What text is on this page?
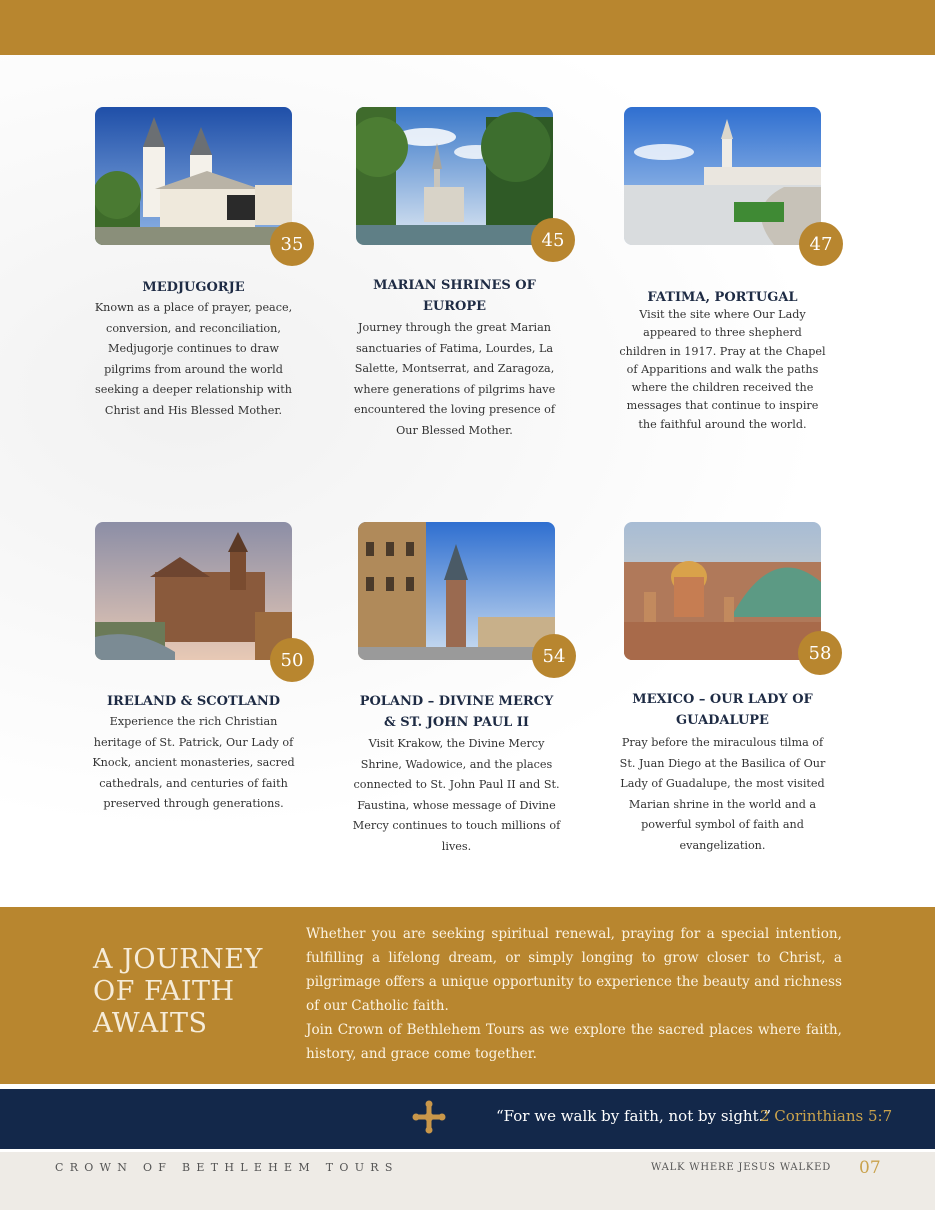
35
MEDJUGORJE
Known as a place of prayer, peace, conversion, and reconciliation, Medjugorje continues to draw pilgrims from around the world seeking a deeper relationship with Christ and His Blessed Mother.
45
MARIAN SHRINES OF EUROPE
Journey through the great Marian sanctuaries of Fatima, Lourdes, La Salette, Montserrat, and Zaragoza, where generations of pilgrims have encountered the loving presence of Our Blessed Mother.
47
FATIMA, PORTUGAL
Visit the site where Our Lady appeared to three shepherd children in 1917. Pray at the Chapel of Apparitions and walk the paths where the children received the messages that continue to inspire the faithful around the world.
50
IRELAND & SCOTLAND
Experience the rich Christian heritage of St. Patrick, Our Lady of Knock, ancient monasteries, sacred cathedrals, and centuries of faith preserved through generations.
54
POLAND – DIVINE MERCY & ST. JOHN PAUL II
Visit Krakow, the Divine Mercy Shrine, Wadowice, and the places connected to St. John Paul II and St. Faustina, whose message of Divine Mercy continues to touch millions of lives.
58
MEXICO – OUR LADY OF GUADALUPE
Pray before the miraculous tilma of St. Juan Diego at the Basilica of Our Lady of Guadalupe, the most visited Marian shrine in the world and a powerful symbol of faith and evangelization.
A JOURNEY OF FAITH AWAITS

Whether you are seeking spiritual renewal, praying for a special intention, fulfilling a lifelong dream, or simply longing to grow closer to Christ, a pilgrimage offers a unique opportunity to experience the beauty and richness of our Catholic faith.

Join Crown of Bethlehem Tours as we explore the sacred places where faith, history, and grace come together.

“For we walk by faith, not by sight.”
2 Corinthians 5:7
CROWN OF BETHLEHEM TOURS	WALK WHERE JESUS WALKED 07
